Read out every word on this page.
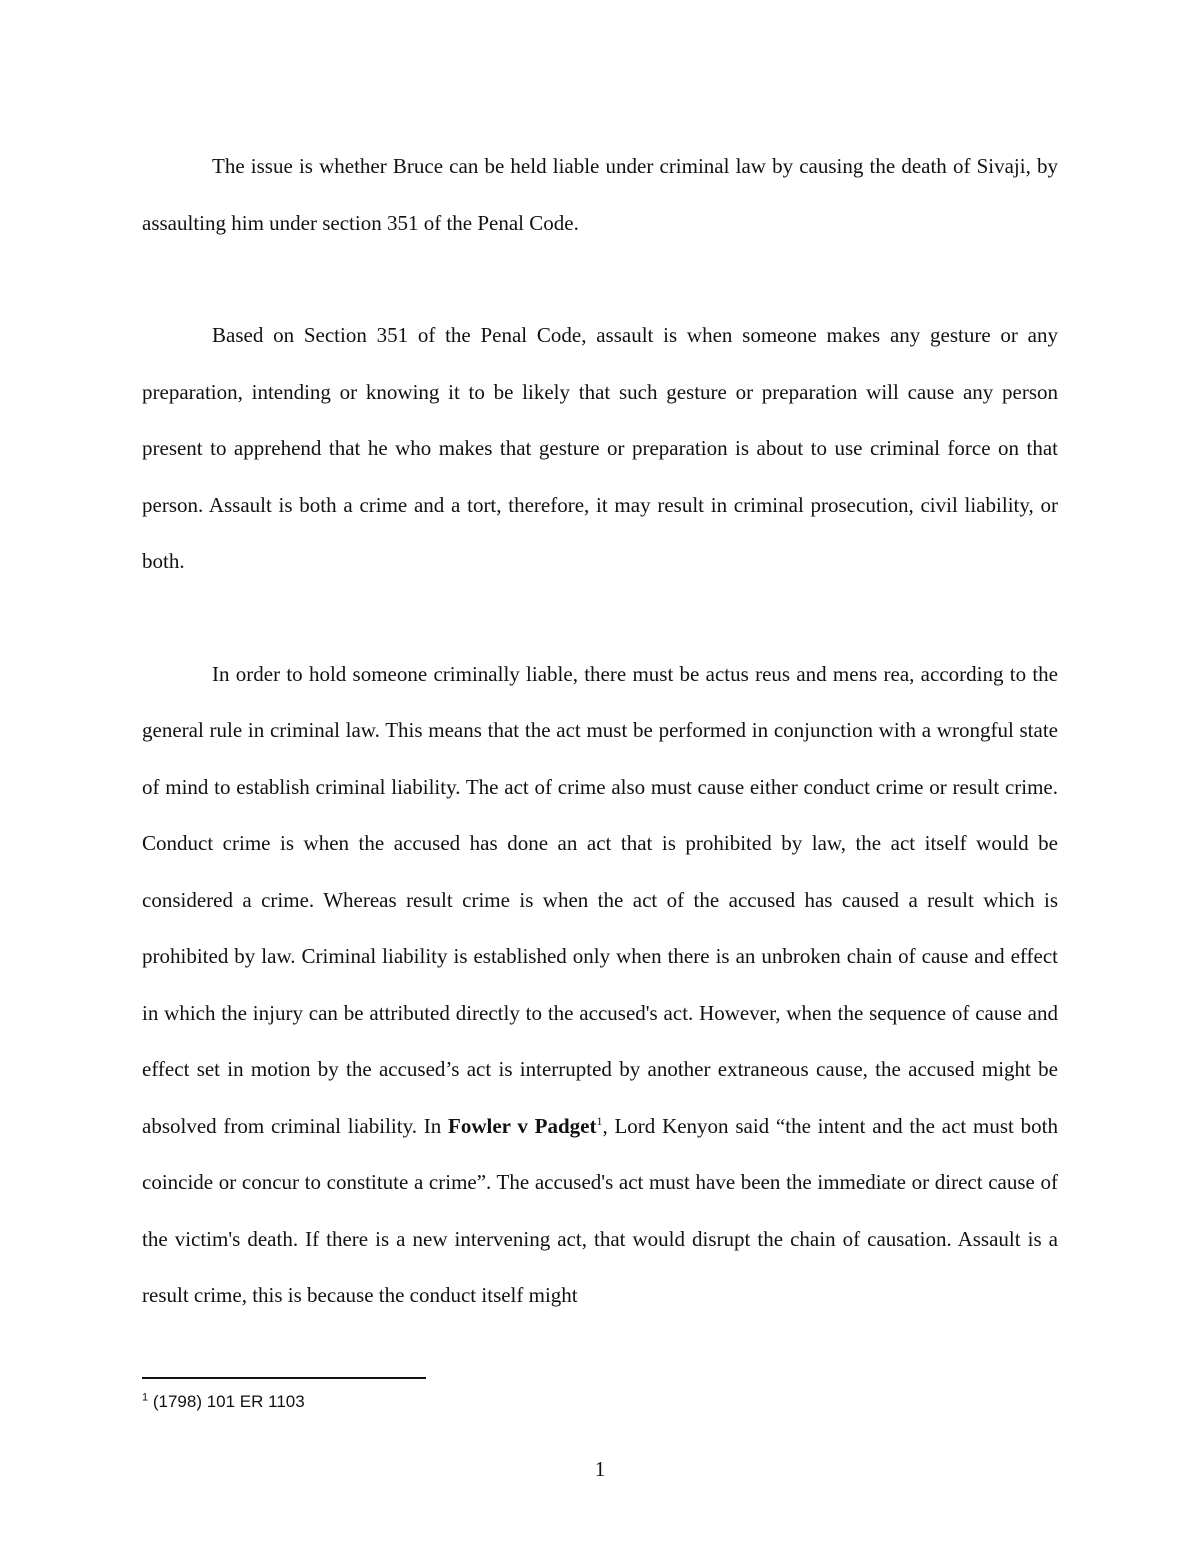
The issue is whether Bruce can be held liable under criminal law by causing the death of Sivaji, by assaulting him under section 351 of the Penal Code.

Based on Section 351 of the Penal Code, assault is when someone makes any gesture or any preparation, intending or knowing it to be likely that such gesture or preparation will cause any person present to apprehend that he who makes that gesture or preparation is about to use criminal force on that person. Assault is both a crime and a tort, therefore, it may result in criminal prosecution, civil liability, or both.

In order to hold someone criminally liable, there must be actus reus and mens rea, according to the general rule in criminal law. This means that the act must be performed in conjunction with a wrongful state of mind to establish criminal liability. The act of crime also must cause either conduct crime or result crime. Conduct crime is when the accused has done an act that is prohibited by law, the act itself would be considered a crime. Whereas result crime is when the act of the accused has caused a result which is prohibited by law. Criminal liability is established only when there is an unbroken chain of cause and effect in which the injury can be attributed directly to the accused's act. However, when the sequence of cause and effect set in motion by the accused’s act is interrupted by another extraneous cause, the accused might be absolved from criminal liability. In Fowler v Padget$^1$, Lord Kenyon said “the intent and the act must both coincide or concur to constitute a crime”. The accused's act must have been the immediate or direct cause of the victim's death. If there is a new intervening act, that would disrupt the chain of causation. Assault is a result crime, this is because the conduct itself might

$^1$ (1798) 101 ER 1103
1
